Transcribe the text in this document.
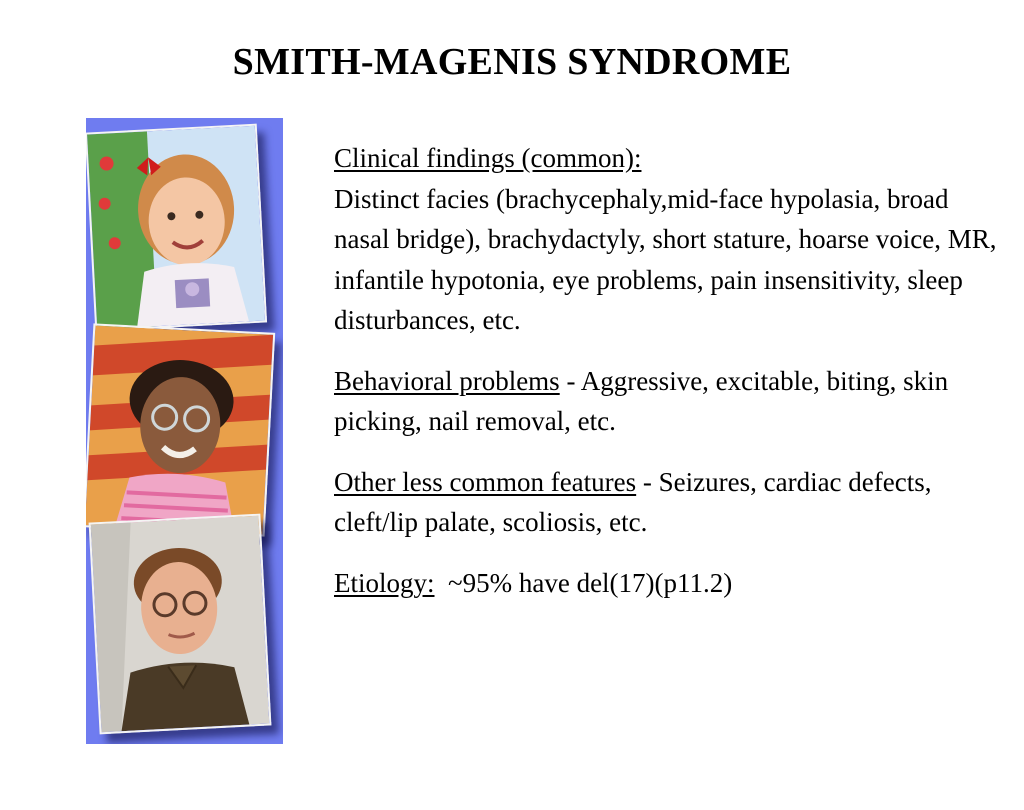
SMITH-MAGENIS SYNDROME

Clinical findings (common):
Distinct facies (brachycephaly,mid-face hypolasia, broad nasal bridge), brachydactyly, short stature, hoarse voice, MR, infantile hypotonia, eye problems, pain insensitivity, sleep disturbances, etc.

Behavioral problems - Aggressive, excitable, biting, skin picking, nail removal, etc.

Other less common features - Seizures, cardiac defects, cleft/lip palate, scoliosis, etc.

Etiology:  ~95% have del(17)(p11.2)
